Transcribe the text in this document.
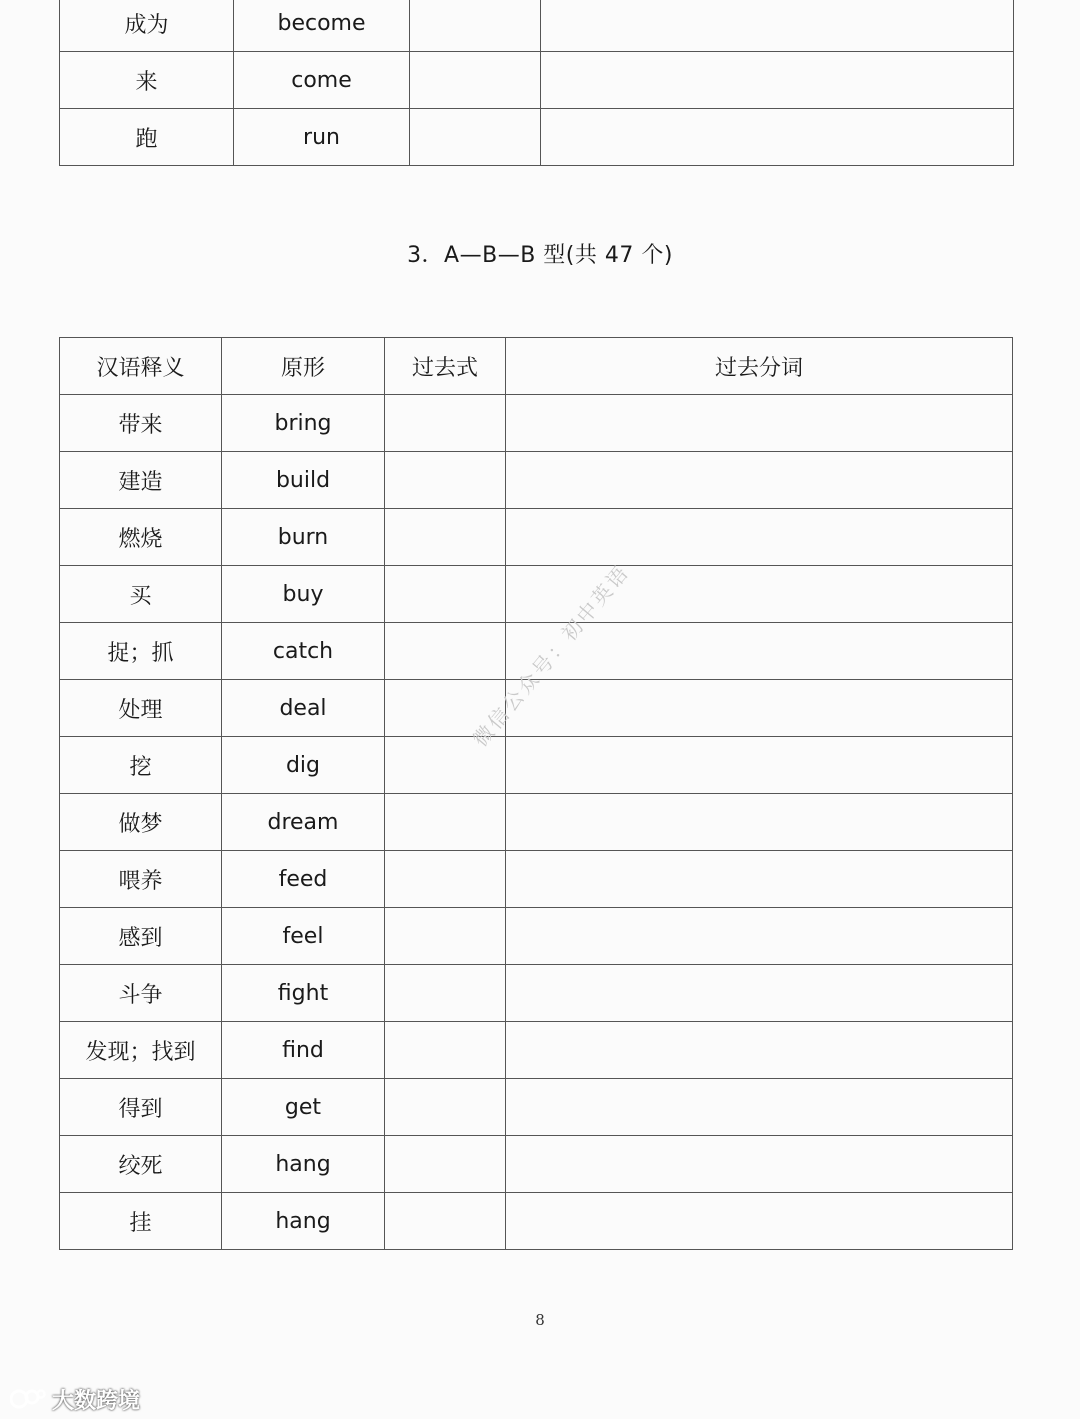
成为	become		
来	come		
跑	run		
3．A—B—B 型(共 47 个)
汉语释义	原形	过去式	过去分词
带来	bring		
建造	build		
燃烧	burn		
买	buy		
捉；抓	catch		
处理	deal		
挖	dig		
做梦	dream		
喂养	feed		
感到	feel		
斗争	fight		
发现；找到	find		
得到	get		
绞死	hang		
挂	hang		
微信公众号：初中英语
8
大数跨境
